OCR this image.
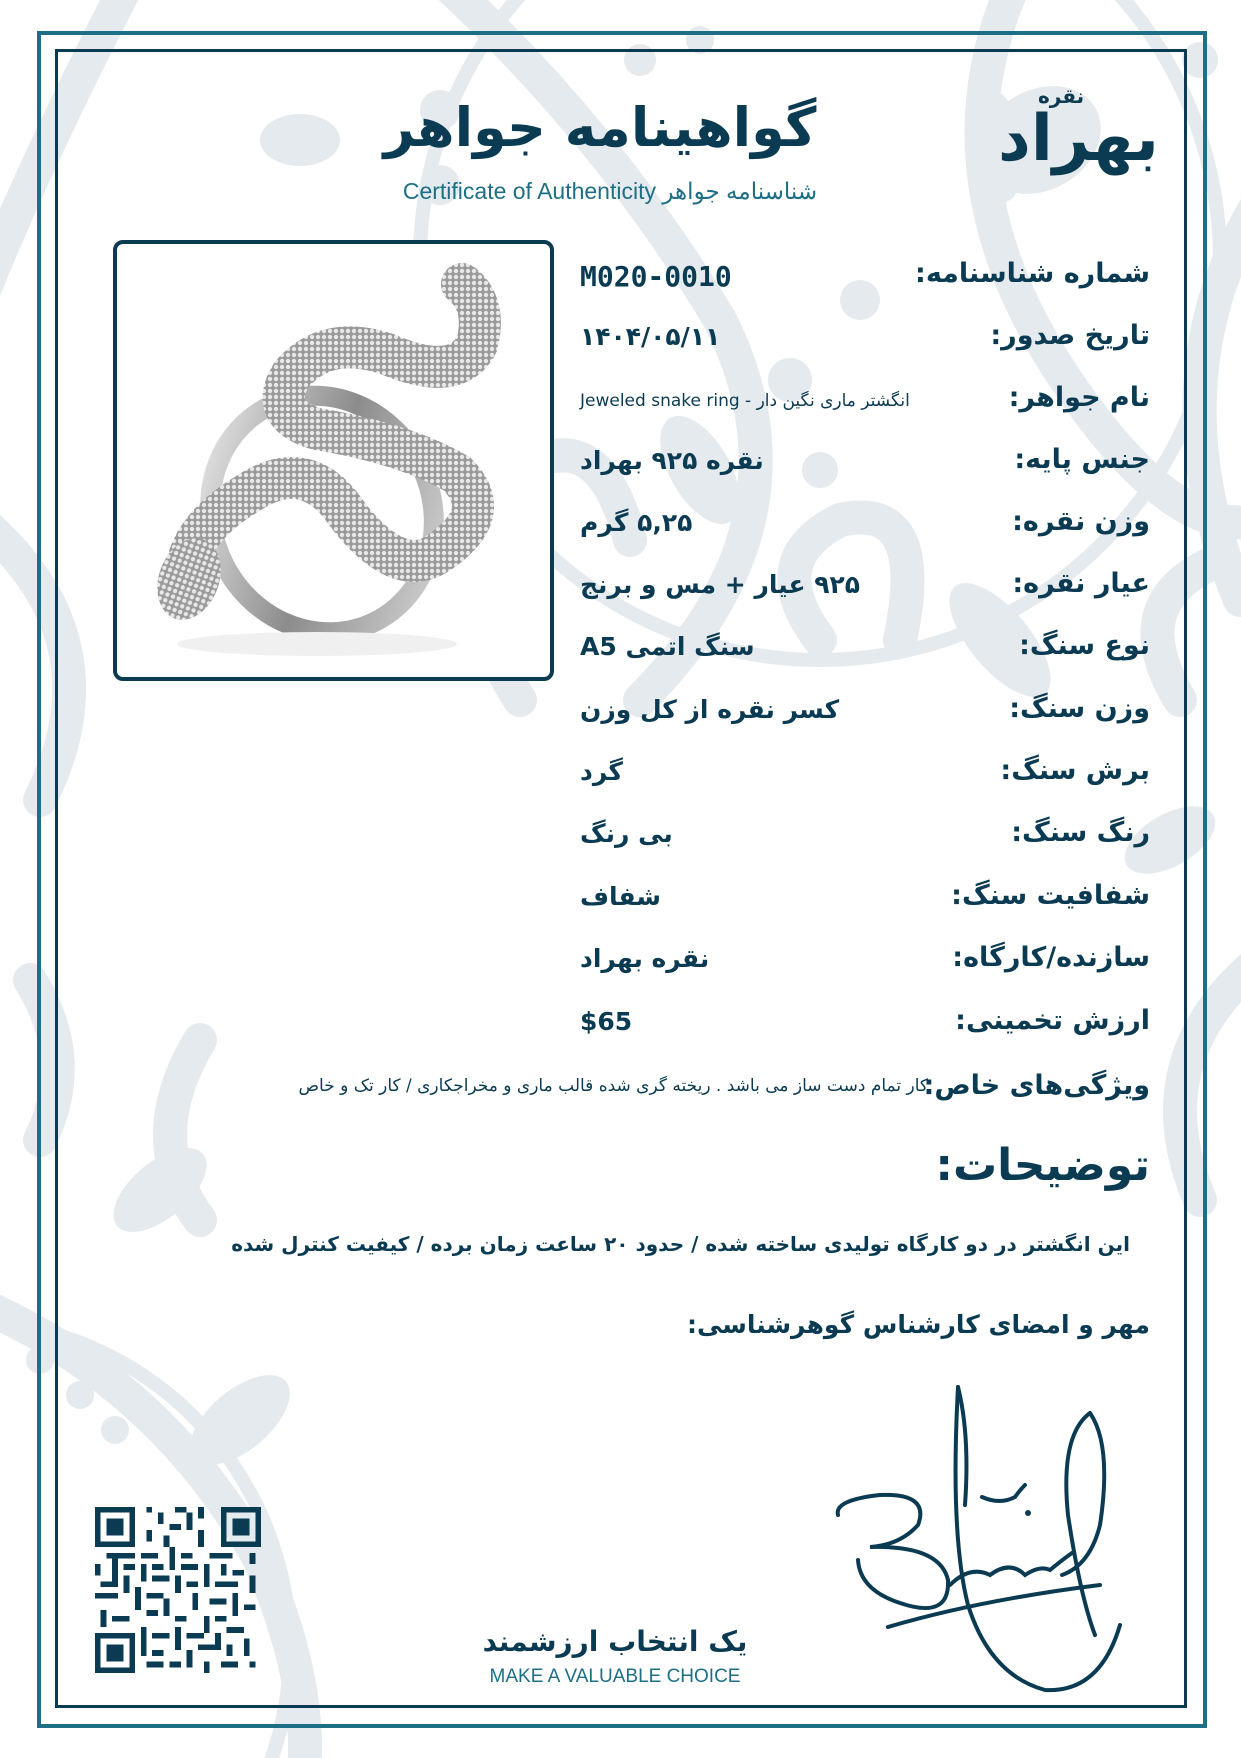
گواهینامه جواهر
Certificate of Authenticity شناسنامه جواهر
نقره
بهراد
شماره شناسنامه:
M020-0010
تاریخ صدور:
۱۴۰۴/۰۵/۱۱
نام جواهر:
انگشتر ماری نگین دار - Jeweled snake ring
جنس پایه:
نقره ۹۲۵ بهراد
وزن نقره:
۵,۲۵ گرم
عیار نقره:
۹۲۵ عیار + مس و برنج
نوع سنگ:
سنگ اتمی A5
وزن سنگ:
کسر نقره از کل وزن
برش سنگ:
گرد
رنگ سنگ:
بی رنگ
شفافیت سنگ:
شفاف
سازنده/کارگاه:
نقره بهراد
ارزش تخمینی:
$65
ویژگی‌های خاص:
کار تمام دست ساز می باشد . ریخته گری شده قالب ماری و مخراجکاری / کار تک و خاص
توضیحات:
این انگشتر در دو کارگاه تولیدی ساخته شده / حدود ۲۰ ساعت زمان برده / کیفیت کنترل شده
مهر و امضای کارشناس گوهرشناسی:
یک انتخاب ارزشمند
MAKE A VALUABLE CHOICE
